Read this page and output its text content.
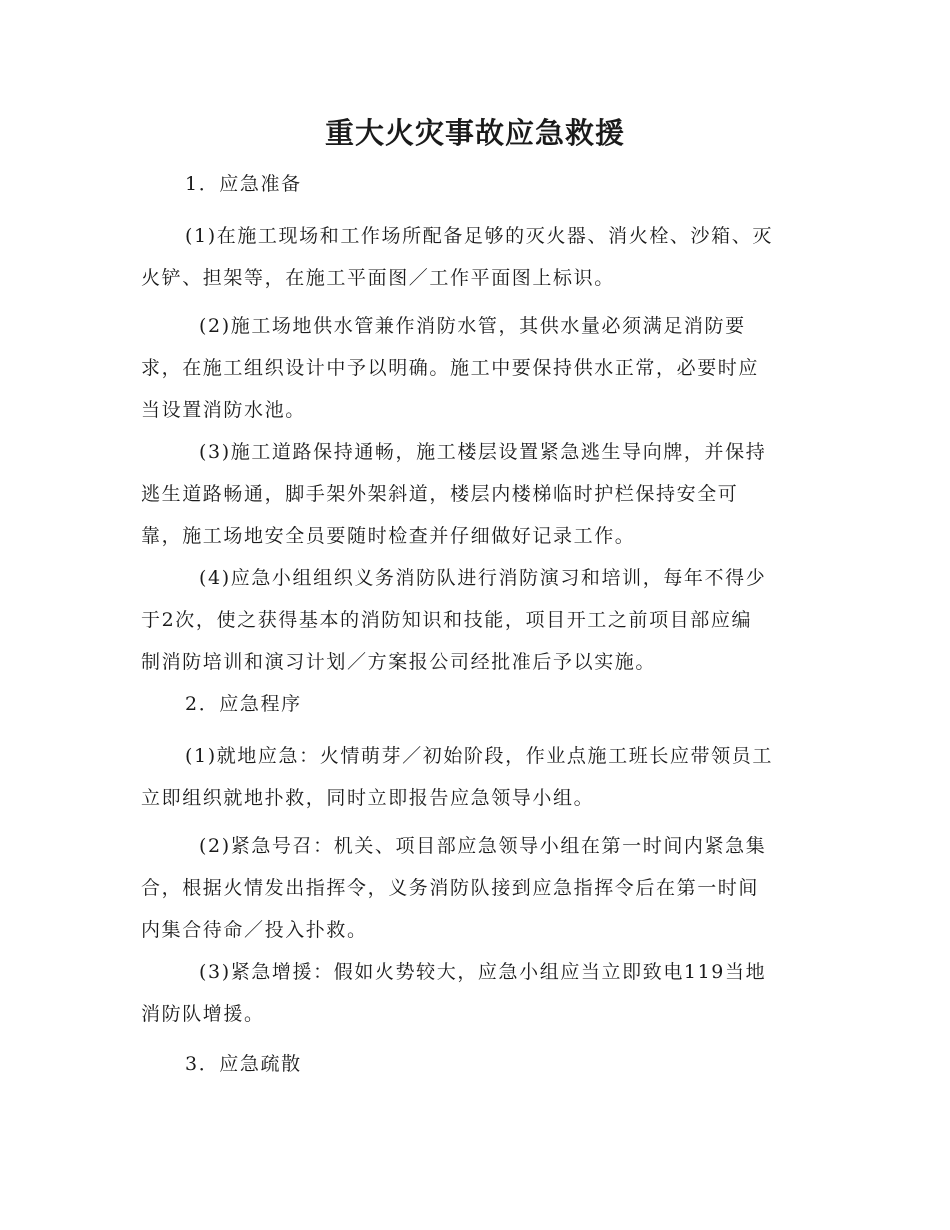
重大火灾事故应急救援
1．应急准备
(1)在施工现场和工作场所配备足够的灭火器、消火栓、沙箱、灭
火铲、担架等，在施工平面图／工作平面图上标识。
(2)施工场地供水管兼作消防水管，其供水量必须满足消防要
求，在施工组织设计中予以明确。施工中要保持供水正常，必要时应
当设置消防水池。
(3)施工道路保持通畅，施工楼层设置紧急逃生导向牌，并保持
逃生道路畅通，脚手架外架斜道，楼层内楼梯临时护栏保持安全可
靠，施工场地安全员要随时检查并仔细做好记录工作。
(4)应急小组组织义务消防队进行消防演习和培训，每年不得少
于2次，使之获得基本的消防知识和技能，项目开工之前项目部应编
制消防培训和演习计划／方案报公司经批准后予以实施。
2．应急程序
(1)就地应急：火情萌芽／初始阶段，作业点施工班长应带领员工
立即组织就地扑救，同时立即报告应急领导小组。
(2)紧急号召：机关、项目部应急领导小组在第一时间内紧急集
合，根据火情发出指挥令，义务消防队接到应急指挥令后在第一时间
内集合待命／投入扑救。
(3)紧急增援：假如火势较大，应急小组应当立即致电119当地
消防队增援。
3．应急疏散
